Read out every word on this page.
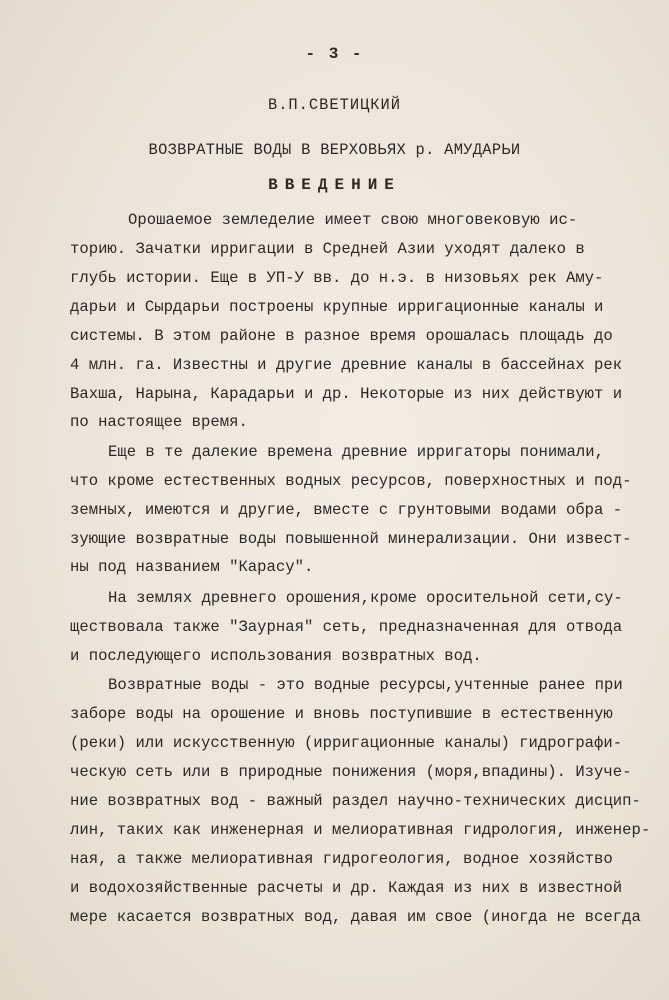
- 3 -
В.П.СВЕТИЦКИЙ
ВОЗВРАТНЫЕ ВОДЫ В ВЕРХОВЬЯХ р. АМУДАРЬИ
ВВЕДЕНИЕ
Орошаемое земледелие имеет свою многовековую ис-
торию. Зачатки ирригации в Средней Азии уходят далеко в
глубь истории. Еще в УП-У вв. до н.э. в низовьях рек Аму-
дарьи и Сырдарьи построены крупные ирригационные каналы и
системы. В этом районе в разное время орошалась площадь до
4 млн. га. Известны и другие древние каналы в бассейнах рек
Вахша, Нарына, Карадарьи и др. Некоторые из них действуют и
по настоящее время.
Еще в те далекие времена древние ирригаторы понимали,
что кроме естественных водных ресурсов, поверхностных и под-
земных, имеются и другие, вместе с грунтовыми водами обра -
зующие возвратные воды повышенной минерализации. Они извест-
ны под названием "Карасу".
На землях древнего орошения,кроме оросительной сети,су-
ществовала также "Заурная" сеть, предназначенная для отвода
и последующего использования возвратных вод.
Возвратные воды - это водные ресурсы,учтенные ранее при
заборе воды на орошение и вновь поступившие в естественную
(реки) или искусственную (ирригационные каналы) гидрографи-
ческую сеть или в природные понижения (моря,впадины). Изуче-
ние возвратных вод - важный раздел научно-технических дисцип-
лин, таких как инженерная и мелиоративная гидрология, инженер-
ная, а также мелиоративная гидрогеология, водное хозяйство
и водохозяйственные расчеты и др. Каждая из них в известной
мере касается возвратных вод, давая им свое (иногда не всегда
